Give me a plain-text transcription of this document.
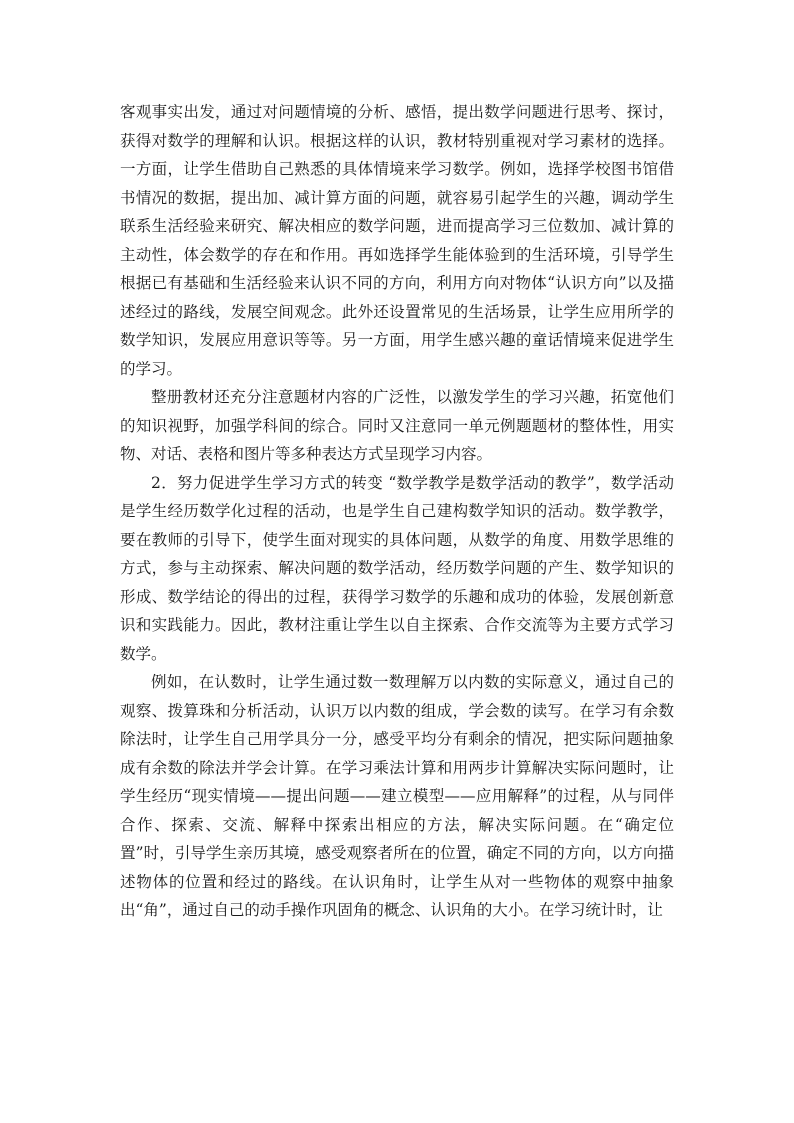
客观事实出发，通过对问题情境的分析、感悟，提出数学问题进行思考、探讨，获得对数学的理解和认识。根据这样的认识，教材特别重视对学习素材的选择。一方面，让学生借助自己熟悉的具体情境来学习数学。例如，选择学校图书馆借书情况的数据，提出加、减计算方面的问题，就容易引起学生的兴趣，调动学生联系生活经验来研究、解决相应的数学问题，进而提高学习三位数加、减计算的主动性，体会数学的存在和作用。再如选择学生能体验到的生活环境，引导学生根据已有基础和生活经验来认识不同的方向，利用方向对物体“认识方向”以及描述经过的路线，发展空间观念。此外还设置常见的生活场景，让学生应用所学的数学知识，发展应用意识等等。另一方面，用学生感兴趣的童话情境来促进学生的学习。

整册教材还充分注意题材内容的广泛性，以激发学生的学习兴趣，拓宽他们的知识视野，加强学科间的综合。同时又注意同一单元例题题材的整体性，用实物、对话、表格和图片等多种表达方式呈现学习内容。

2．努力促进学生学习方式的转变 “数学教学是数学活动的教学”，数学活动是学生经历数学化过程的活动，也是学生自己建构数学知识的活动。数学教学，要在教师的引导下，使学生面对现实的具体问题，从数学的角度、用数学思维的方式，参与主动探索、解决问题的数学活动，经历数学问题的产生、数学知识的形成、数学结论的得出的过程，获得学习数学的乐趣和成功的体验，发展创新意识和实践能力。因此，教材注重让学生以自主探索、合作交流等为主要方式学习数学。

例如，在认数时，让学生通过数一数理解万以内数的实际意义，通过自己的观察、拨算珠和分析活动，认识万以内数的组成，学会数的读写。在学习有余数除法时，让学生自己用学具分一分，感受平均分有剩余的情况，把实际问题抽象成有余数的除法并学会计算。在学习乘法计算和用两步计算解决实际问题时，让学生经历“现实情境——提出问题——建立模型——应用解释”的过程，从与同伴合作、探索、交流、解释中探索出相应的方法，解决实际问题。在“确定位置”时，引导学生亲历其境，感受观察者所在的位置，确定不同的方向，以方向描述物体的位置和经过的路线。在认识角时，让学生从对一些物体的观察中抽象出“角”，通过自己的动手操作巩固角的概念、认识角的大小。在学习统计时，让
